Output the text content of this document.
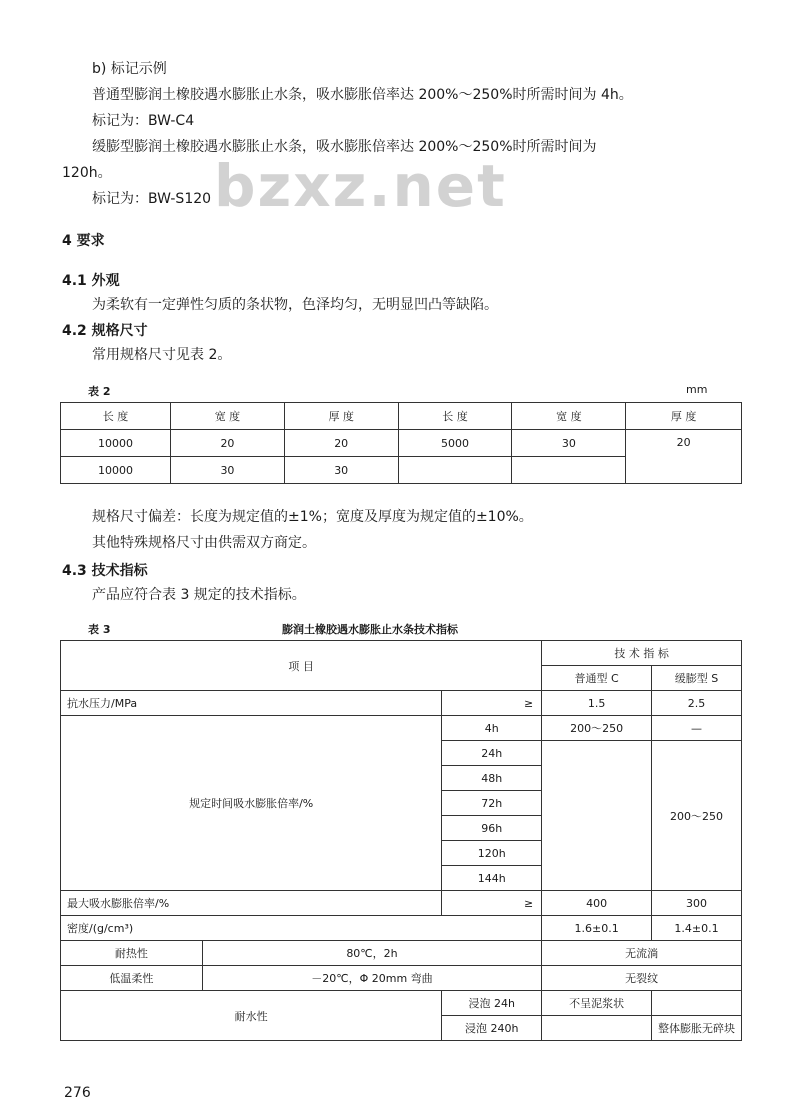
bzxz.net
b) 标记示例
普通型膨润土橡胶遇水膨胀止水条，吸水膨胀倍率达 200%～250%时所需时间为 4h。
标记为：BW-C4
缓膨型膨润土橡胶遇水膨胀止水条，吸水膨胀倍率达 200%～250%时所需时间为
120h。
标记为：BW-S120
4 要求
4.1 外观
为柔软有一定弹性匀质的条状物，色泽均匀，无明显凹凸等缺陷。
4.2 规格尺寸
常用规格尺寸见表 2。
表 2	mm
长 度	宽 度	厚 度	长 度	宽 度	厚 度
10000	20	20	5000	30	20
10000	30	30			
规格尺寸偏差：长度为规定值的±1%；宽度及厚度为规定值的±10%。
其他特殊规格尺寸由供需双方商定。
4.3 技术指标
产品应符合表 3 规定的技术指标。
表 3	膨润土橡胶遇水膨胀止水条技术指标
项 目			技 术 指 标	
			普通型 C	缓膨型 S
抗水压力/MPa		≥	1.5	2.5
规定时间吸水膨胀倍率/%		4h	200～250	—
		24h		200～250
		48h		
		72h		
		96h		
		120h		
		144h		
最大吸水膨胀倍率/%		≥	400	300
密度/(g/cm³)			1.6±0.1	1.4±0.1
耐热性	80℃，2h		无流淌	
低温柔性	－20℃，Φ 20mm 弯曲		无裂纹	
耐水性		浸泡 24h	不呈泥浆状	
		浸泡 240h		整体膨胀无碎块
276
